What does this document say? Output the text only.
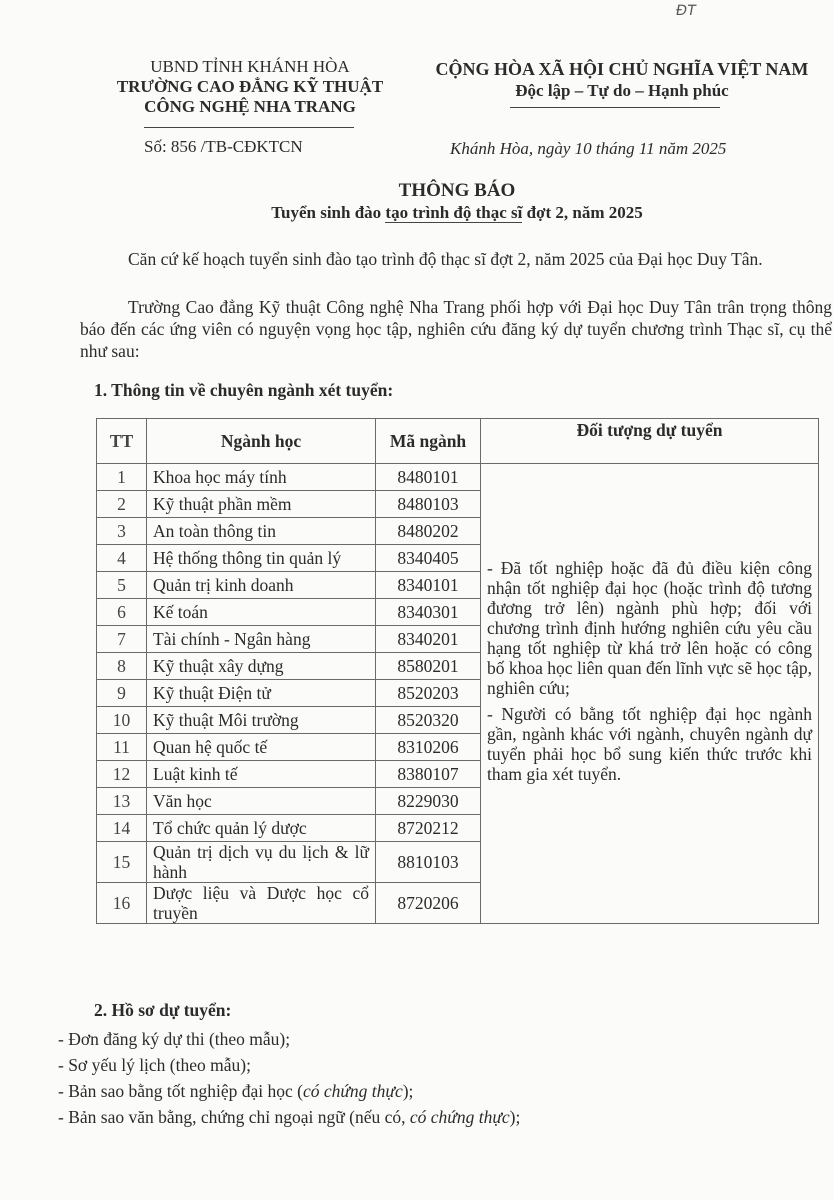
ĐT
UBND TỈNH KHÁNH HÒA
TRƯỜNG CAO ĐẲNG KỸ THUẬT
CÔNG NGHỆ NHA TRANG
Số: 856 /TB-CĐKTCN
CỘNG HÒA XÃ HỘI CHỦ NGHĨA VIỆT NAM
Độc lập – Tự do – Hạnh phúc
Khánh Hòa, ngày 10 tháng 11 năm 2025
THÔNG BÁO
Tuyển sinh đào tạo trình độ thạc sĩ đợt 2, năm 2025
Căn cứ kế hoạch tuyển sinh đào tạo trình độ thạc sĩ đợt 2, năm 2025 của Đại học Duy Tân.
Trường Cao đẳng Kỹ thuật Công nghệ Nha Trang phối hợp với Đại học Duy Tân trân trọng thông báo đến các ứng viên có nguyện vọng học tập, nghiên cứu đăng ký dự tuyển chương trình Thạc sĩ, cụ thể như sau:
1. Thông tin về chuyên ngành xét tuyển:
TT	Ngành học	Mã ngành	Đối tượng dự tuyển
1	Khoa học máy tính	8480101	- Đã tốt nghiệp hoặc đã đủ điều kiện công nhận tốt nghiệp đại học (hoặc trình độ tương đương trở lên) ngành phù hợp; đối với chương trình định hướng nghiên cứu yêu cầu hạng tốt nghiệp từ khá trở lên hoặc có công bố khoa học liên quan đến lĩnh vực sẽ học tập, nghiên cứu;
- Người có bằng tốt nghiệp đại học ngành gần, ngành khác với ngành, chuyên ngành dự tuyển phải học bổ sung kiến thức trước khi tham gia xét tuyển.

2	Kỹ thuật phần mềm	8480103	
3	An toàn thông tin	8480202	
4	Hệ thống thông tin quản lý	8340405	
5	Quản trị kinh doanh	8340101	
6	Kế toán	8340301	
7	Tài chính - Ngân hàng	8340201	
8	Kỹ thuật xây dựng	8580201	
9	Kỹ thuật Điện tử	8520203	
10	Kỹ thuật Môi trường	8520320	
11	Quan hệ quốc tế	8310206	
12	Luật kinh tế	8380107	
13	Văn học	8229030	
14	Tổ chức quản lý dược	8720212	
15	Quản trị dịch vụ du lịch & lữ hành	8810103	
16	Dược liệu và Dược học cổ truyền	8720206	
2. Hồ sơ dự tuyển:
- Đơn đăng ký dự thi (theo mẫu);
- Sơ yếu lý lịch (theo mẫu);
- Bản sao bằng tốt nghiệp đại học (có chứng thực);
- Bản sao văn bằng, chứng chỉ ngoại ngữ (nếu có, có chứng thực);
